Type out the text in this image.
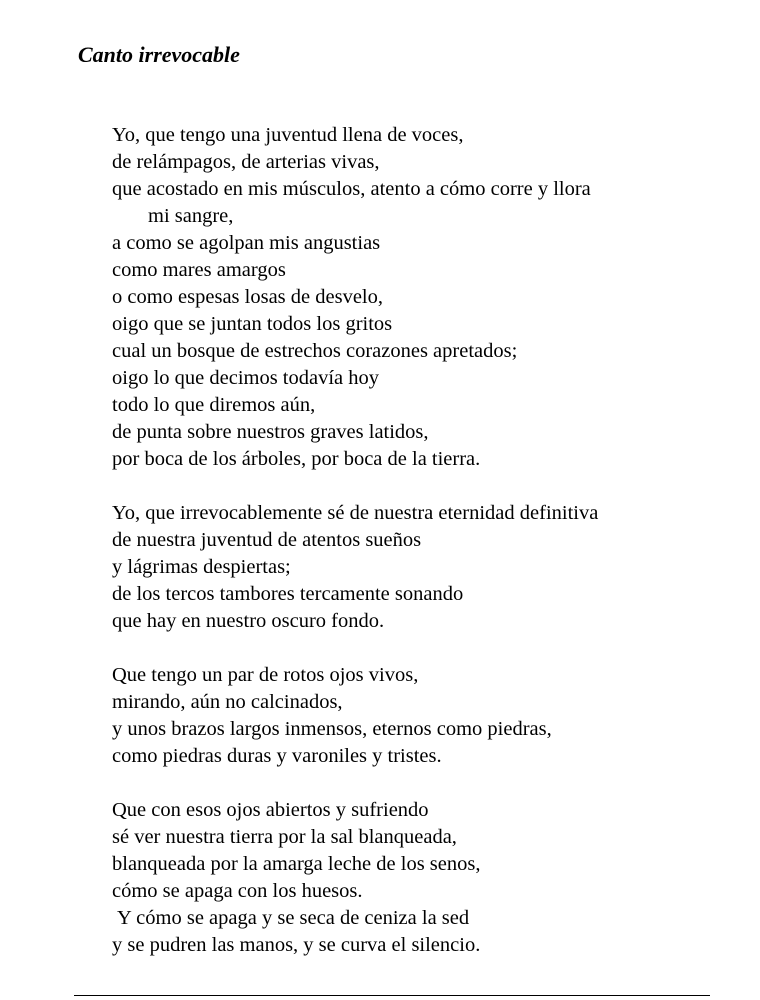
Canto irrevocable
Yo, que tengo una juventud llena de voces,
de relámpagos, de arterias vivas,
que acostado en mis músculos, atento a cómo corre y llora
mi sangre,
a como se agolpan mis angustias
como mares amargos
o como espesas losas de desvelo,
oigo que se juntan todos los gritos
cual un bosque de estrechos corazones apretados;
oigo lo que decimos todavía hoy
todo lo que diremos aún,
de punta sobre nuestros graves latidos,
por boca de los árboles, por boca de la tierra.
Yo, que irrevocablemente sé de nuestra eternidad definitiva
de nuestra juventud de atentos sueños
y lágrimas despiertas;
de los tercos tambores tercamente sonando
que hay en nuestro oscuro fondo.
Que tengo un par de rotos ojos vivos,
mirando, aún no calcinados,
y unos brazos largos inmensos, eternos como piedras,
como piedras duras y varoniles y tristes.
Que con esos ojos abiertos y sufriendo
sé ver nuestra tierra por la sal blanqueada,
blanqueada por la amarga leche de los senos,
cómo se apaga con los huesos.
Y cómo se apaga y se seca de ceniza la sed
y se pudren las manos, y se curva el silencio.
